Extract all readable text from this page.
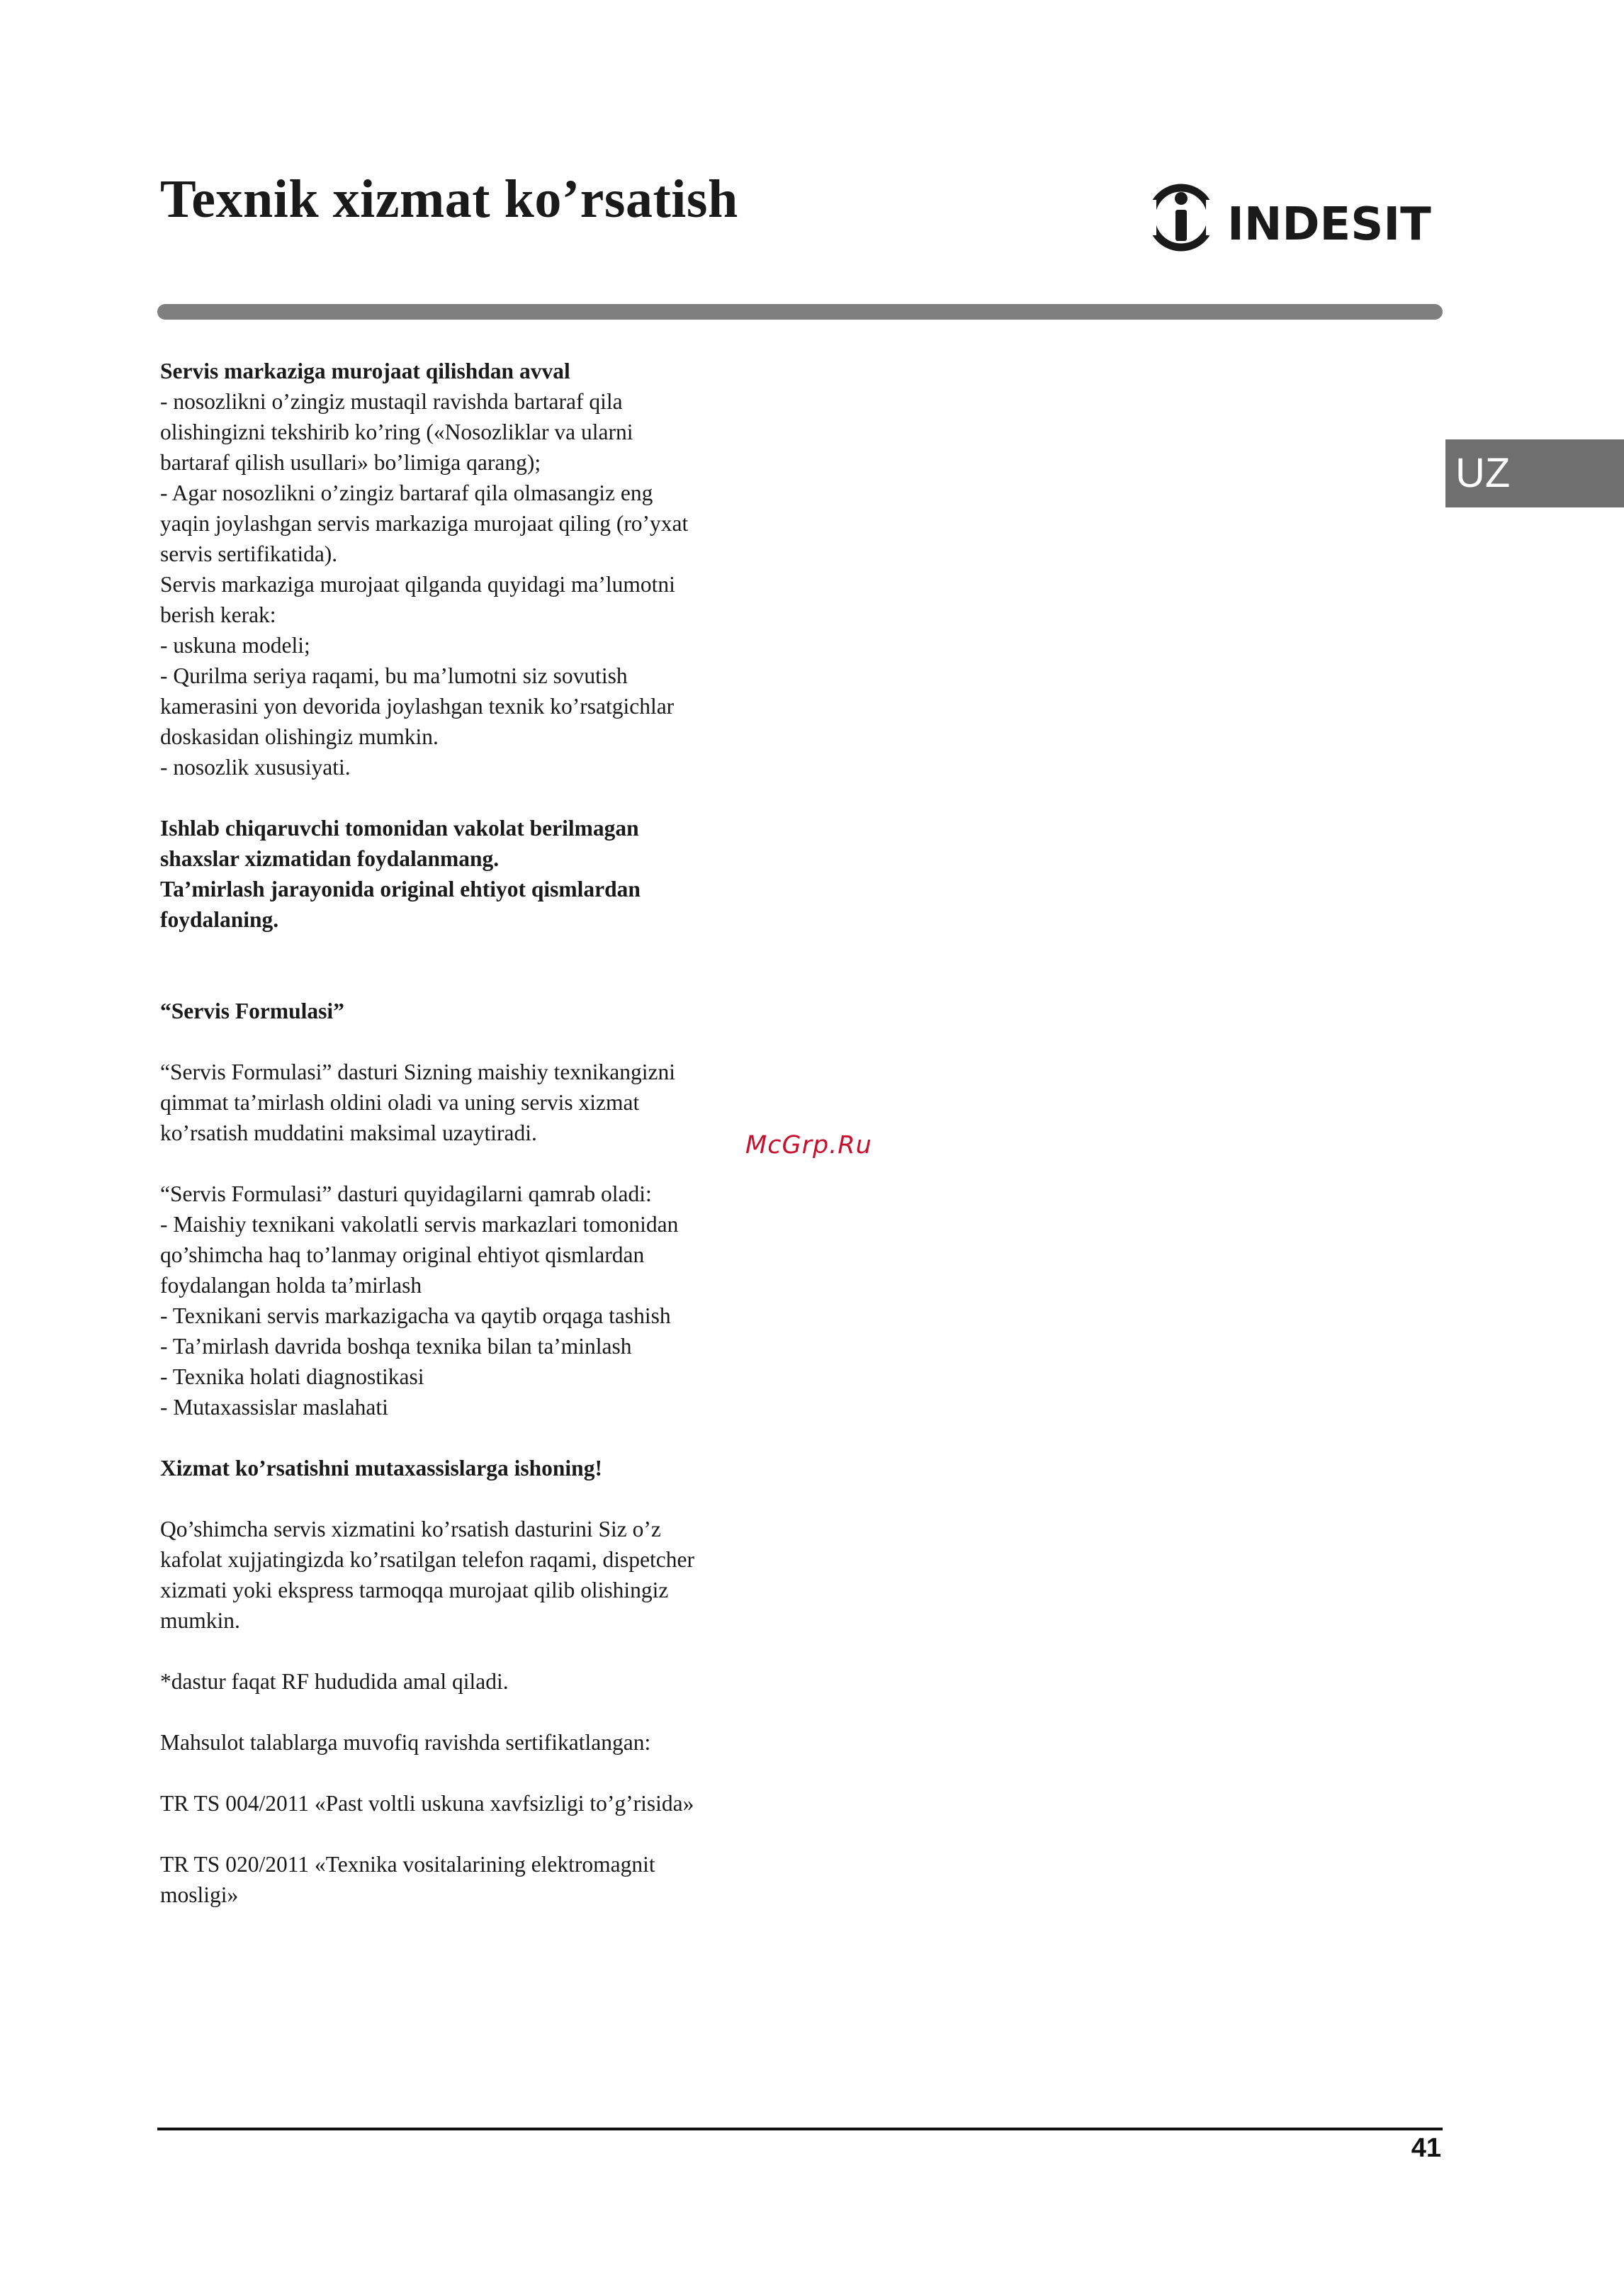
Texnik xizmat ko’rsatish	INDESIT
UZ

Servis markaziga murojaat qilishdan avval

- nosozlikni o’zingiz mustaqil ravishda bartaraf qila

olishingizni tekshirib ko’ring («Nosozliklar va ularni

bartaraf qilish usullari» bo’limiga qarang);

- Agar nosozlikni o’zingiz bartaraf qila olmasangiz eng

yaqin joylashgan servis markaziga murojaat qiling (ro’yxat

servis sertifikatida).

Servis markaziga murojaat qilganda quyidagi ma’lumotni

berish kerak:

- uskuna modeli;

- Qurilma seriya raqami, bu ma’lumotni siz sovutish

kamerasini yon devorida joylashgan texnik ko’rsatgichlar

doskasidan olishingiz mumkin.

- nosozlik xususiyati.

Ishlab chiqaruvchi tomonidan vakolat berilmagan

shaxslar xizmatidan foydalanmang.

Ta’mirlash jarayonida original ehtiyot qismlardan

foydalaning.

“Servis Formulasi”

“Servis Formulasi” dasturi Sizning maishiy texnikangizni

qimmat ta’mirlash oldini oladi va uning servis xizmat

ko’rsatish muddatini maksimal uzaytiradi.

“Servis Formulasi” dasturi quyidagilarni qamrab oladi:

- Maishiy texnikani vakolatli servis markazlari tomonidan

qo’shimcha haq to’lanmay original ehtiyot qismlardan

foydalangan holda ta’mirlash

- Texnikani servis markazigacha va qaytib orqaga tashish

- Ta’mirlash davrida boshqa texnika bilan ta’minlash

- Texnika holati diagnostikasi

- Mutaxassislar maslahati

Xizmat ko’rsatishni mutaxassislarga ishoning!

Qo’shimcha servis xizmatini ko’rsatish dasturini Siz o’z

kafolat xujjatingizda ko’rsatilgan telefon raqami, dispetcher

xizmati yoki ekspress tarmoqqa murojaat qilib olishingiz

mumkin.

*dastur faqat RF hududida amal qiladi.

Mahsulot talablarga muvofiq ravishda sertifikatlangan:

TR TS 004/2011 «Past voltli uskuna xavfsizligi to’g’risida»

TR TS 020/2011 «Texnika vositalarining elektromagnit

mosligi»

McGrp.Ru
41
